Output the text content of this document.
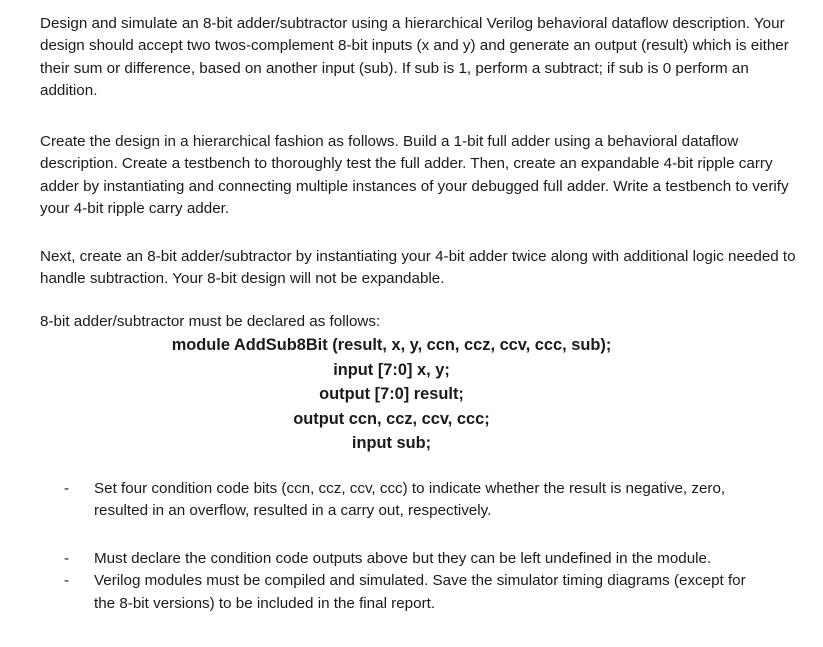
Design and simulate an 8-bit adder/subtractor using a hierarchical Verilog behavioral dataflow description. Your design should accept two twos-complement 8-bit inputs (x and y) and generate an output (result) which is either their sum or difference, based on another input (sub). If sub is 1, perform a subtract; if sub is 0 perform an addition.

Create the design in a hierarchical fashion as follows. Build a 1-bit full adder using a behavioral dataflow description. Create a testbench to thoroughly test the full adder. Then, create an expandable 4-bit ripple carry adder by instantiating and connecting multiple instances of your debugged full adder. Write a testbench to verify your 4-bit ripple carry adder.

Next, create an 8-bit adder/subtractor by instantiating your 4-bit adder twice along with additional logic needed to handle subtraction. Your 8-bit design will not be expandable.

8-bit adder/subtractor must be declared as follows:

module AddSub8Bit (result, x, y, ccn, ccz, ccv, ccc, sub);
input [7:0] x, y;
output [7:0] result;
output ccn, ccz, ccv, ccc;
input sub;
- Set four condition code bits (ccn, ccz, ccv, ccc) to indicate whether the result is negative, zero, resulted in an overflow, resulted in a carry out, respectively.
- Must declare the condition code outputs above but they can be left undefined in the module.
- Verilog modules must be compiled and simulated. Save the simulator timing diagrams (except for the 8-bit versions) to be included in the final report.
